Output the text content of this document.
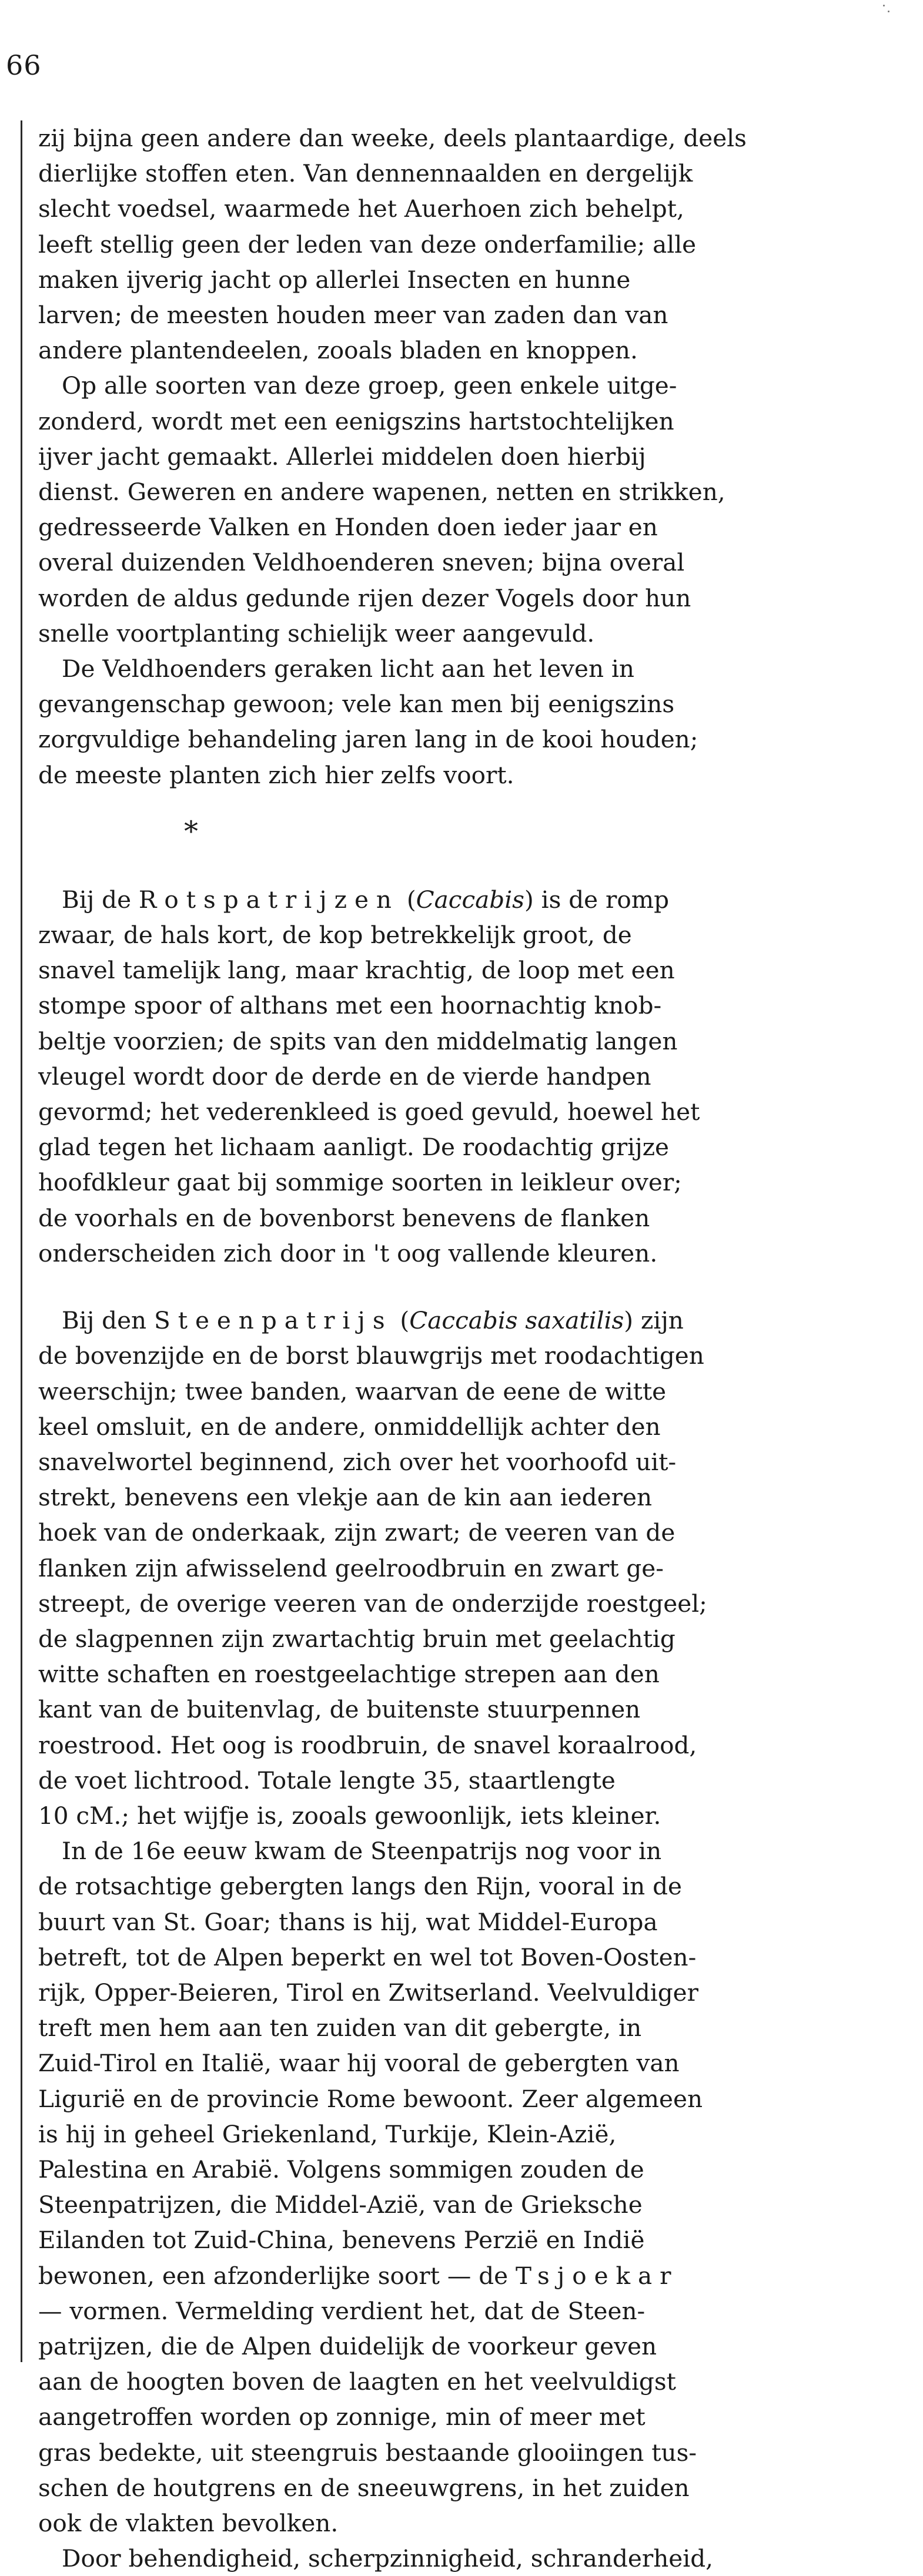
66

zij bijna geen andere dan weeke, deels plantaardige, deels
dierlijke stoffen eten. Van dennennaalden en dergelijk
slecht voedsel, waarmede het Auerhoen zich behelpt,
leeft stellig geen der leden van deze onderfamilie; alle
maken ijverig jacht op allerlei Insecten en hunne
larven; de meesten houden meer van zaden dan van
andere plantendeelen, zooals bladen en knoppen.

Op alle soorten van deze groep, geen enkele uitge-
zonderd, wordt met een eenigszins hartstochtelijken
ijver jacht gemaakt. Allerlei middelen doen hierbij
dienst. Geweren en andere wapenen, netten en strikken,
gedresseerde Valken en Honden doen ieder jaar en
overal duizenden Veldhoenderen sneven; bijna overal
worden de aldus gedunde rijen dezer Vogels door hun
snelle voortplanting schielijk weer aangevuld.

De Veldhoenders geraken licht aan het leven in
gevangenschap gewoon; vele kan men bij eenigszins
zorgvuldige behandeling jaren lang in de kooi houden;
de meeste planten zich hier zelfs voort.

*

Bij de Rotspatrijzen (Caccabis) is de romp
zwaar, de hals kort, de kop betrekkelijk groot, de
snavel tamelijk lang, maar krachtig, de loop met een
stompe spoor of althans met een hoornachtig knob-
beltje voorzien; de spits van den middelmatig langen
vleugel wordt door de derde en de vierde handpen
gevormd; het vederenkleed is goed gevuld, hoewel het
glad tegen het lichaam aanligt. De roodachtig grijze
hoofdkleur gaat bij sommige soorten in leikleur over;
de voorhals en de bovenborst benevens de flanken
onderscheiden zich door in 't oog vallende kleuren.

Bij den Steenpatrijs (Caccabis saxatilis) zijn
de bovenzijde en de borst blauwgrijs met roodachtigen
weerschijn; twee banden, waarvan de eene de witte
keel omsluit, en de andere, onmiddellijk achter den
snavelwortel beginnend, zich over het voorhoofd uit-
strekt, benevens een vlekje aan de kin aan iederen
hoek van de onderkaak, zijn zwart; de veeren van de
flanken zijn afwisselend geelroodbruin en zwart ge-
streept, de overige veeren van de onderzijde roestgeel;
de slagpennen zijn zwartachtig bruin met geelachtig
witte schaften en roestgeelachtige strepen aan den
kant van de buitenvlag, de buitenste stuurpennen
roestrood. Het oog is roodbruin, de snavel koraalrood,
de voet lichtrood. Totale lengte 35, staartlengte
10 cM.; het wijfje is, zooals gewoonlijk, iets kleiner.

In de 16e eeuw kwam de Steenpatrijs nog voor in
de rotsachtige gebergten langs den Rijn, vooral in de
buurt van St. Goar; thans is hij, wat Middel-Europa
betreft, tot de Alpen beperkt en wel tot Boven-Oosten-
rijk, Opper-Beieren, Tirol en Zwitserland. Veelvuldiger
treft men hem aan ten zuiden van dit gebergte, in
Zuid-Tirol en Italië, waar hij vooral de gebergten van
Ligurië en de provincie Rome bewoont. Zeer algemeen
is hij in geheel Griekenland, Turkije, Klein-Azië,
Palestina en Arabië. Volgens sommigen zouden de
Steenpatrijzen, die Middel-Azië, van de Grieksche
Eilanden tot Zuid-China, benevens Perzië en Indië
bewonen, een afzonderlijke soort — de Tsjoekar
— vormen. Vermelding verdient het, dat de Steen-
patrijzen, die de Alpen duidelijk de voorkeur geven
aan de hoogten boven de laagten en het veelvuldigst
aangetroffen worden op zonnige, min of meer met
gras bedekte, uit steengruis bestaande glooiingen tus-
schen de houtgrens en de sneeuwgrens, in het zuiden
ook de vlakten bevolken.

Door behendigheid, scherpzinnigheid, schranderheid,
